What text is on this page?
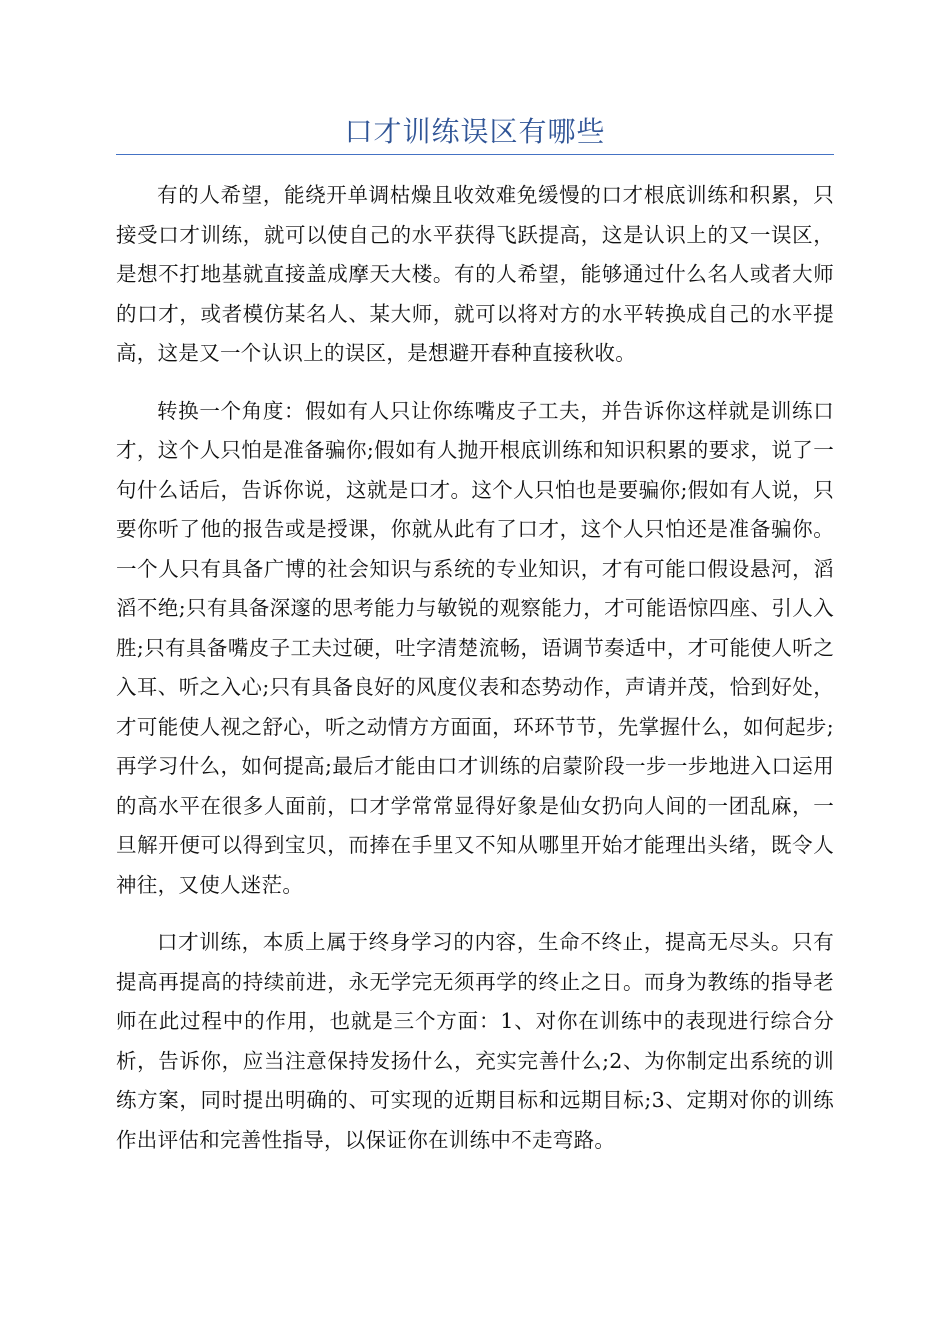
口才训练误区有哪些

有的人希望，能绕开单调枯燥且收效难免缓慢的口才根底训练和积累，只接受口才训练，就可以使自己的水平获得飞跃提高，这是认识上的又一误区，是想不打地基就直接盖成摩天大楼。有的人希望，能够通过什么名人或者大师的口才，或者模仿某名人、某大师，就可以将对方的水平转换成自己的水平提高，这是又一个认识上的误区，是想避开春种直接秋收。

转换一个角度：假如有人只让你练嘴皮子工夫，并告诉你这样就是训练口才，这个人只怕是准备骗你;假如有人抛开根底训练和知识积累的要求，说了一句什么话后，告诉你说，这就是口才。这个人只怕也是要骗你;假如有人说，只要你听了他的报告或是授课，你就从此有了口才，这个人只怕还是准备骗你。一个人只有具备广博的社会知识与系统的专业知识，才有可能口假设悬河，滔滔不绝;只有具备深邃的思考能力与敏锐的观察能力，才可能语惊四座、引人入胜;只有具备嘴皮子工夫过硬，吐字清楚流畅，语调节奏适中，才可能使人听之入耳、听之入心;只有具备良好的风度仪表和态势动作，声请并茂，恰到好处，才可能使人视之舒心，听之动情方方面面，环环节节，先掌握什么，如何起步;再学习什么，如何提高;最后才能由口才训练的启蒙阶段一步一步地进入口运用的高水平在很多人面前，口才学常常显得好象是仙女扔向人间的一团乱麻，一旦解开便可以得到宝贝，而捧在手里又不知从哪里开始才能理出头绪，既令人神往，又使人迷茫。

口才训练，本质上属于终身学习的内容，生命不终止，提高无尽头。只有提高再提高的持续前进，永无学完无须再学的终止之日。而身为教练的指导老师在此过程中的作用，也就是三个方面：1、对你在训练中的表现进行综合分析，告诉你，应当注意保持发扬什么，充实完善什么;2、为你制定出系统的训练方案，同时提出明确的、可实现的近期目标和远期目标;3、定期对你的训练作出评估和完善性指导，以保证你在训练中不走弯路。
